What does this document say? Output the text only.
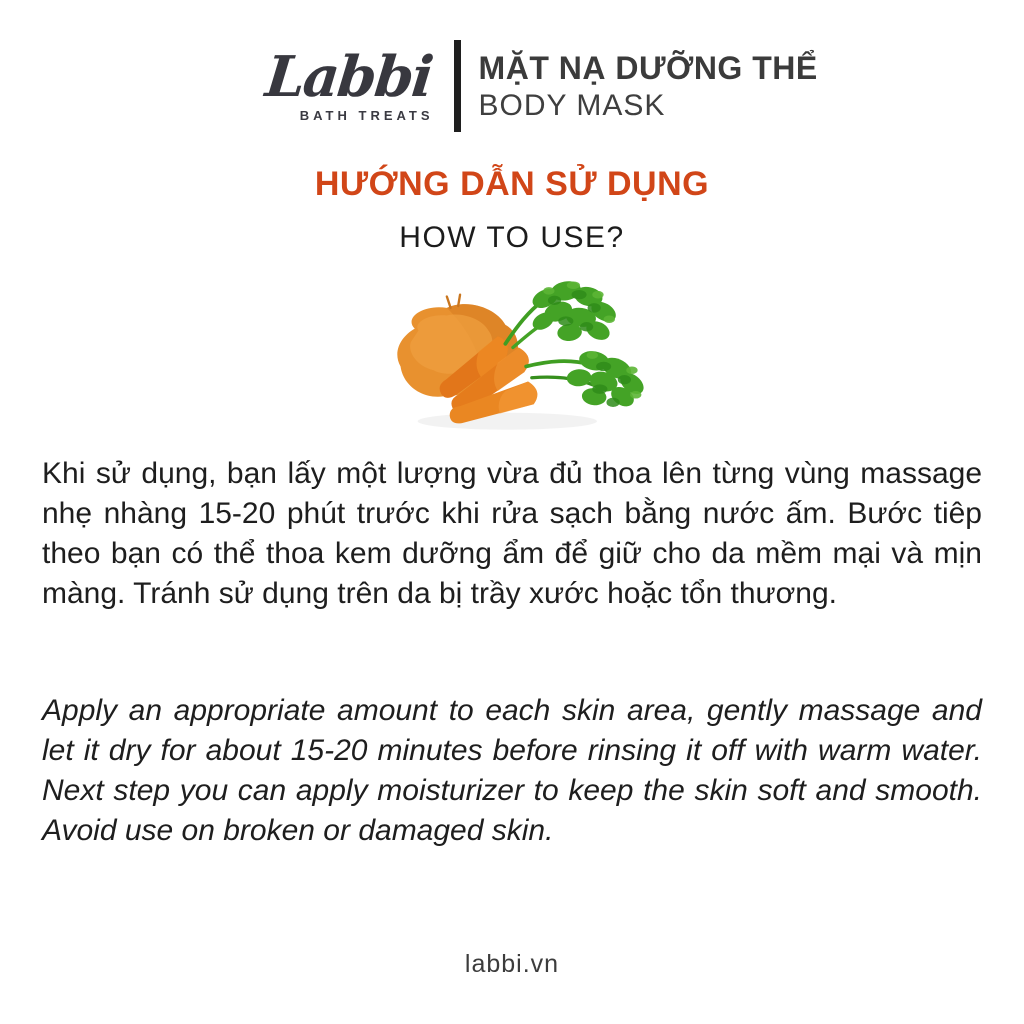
Labbi
BATH TREATS
MẶT NẠ DƯỠNG THỂ
BODY MASK
HƯỚNG DẪN SỬ DỤNG
HOW TO USE?

Khi sử dụng, bạn lấy một lượng vừa đủ thoa lên từng vùng massage nhẹ nhàng 15-20 phút trước khi rửa sạch bằng nước ấm. Bước tiêp theo bạn có thể thoa kem dưỡng ẩm để giữ cho da mềm mại và mịn màng. Tránh sử dụng trên da bị trầy xước hoặc tổn thương.

Apply an appropriate amount to each skin area, gently massage and let it dry for about 15-20 minutes before rinsing it off with warm water. Next step you can apply moisturizer to keep the skin soft and smooth. Avoid use on broken or damaged skin.

labbi.vn
